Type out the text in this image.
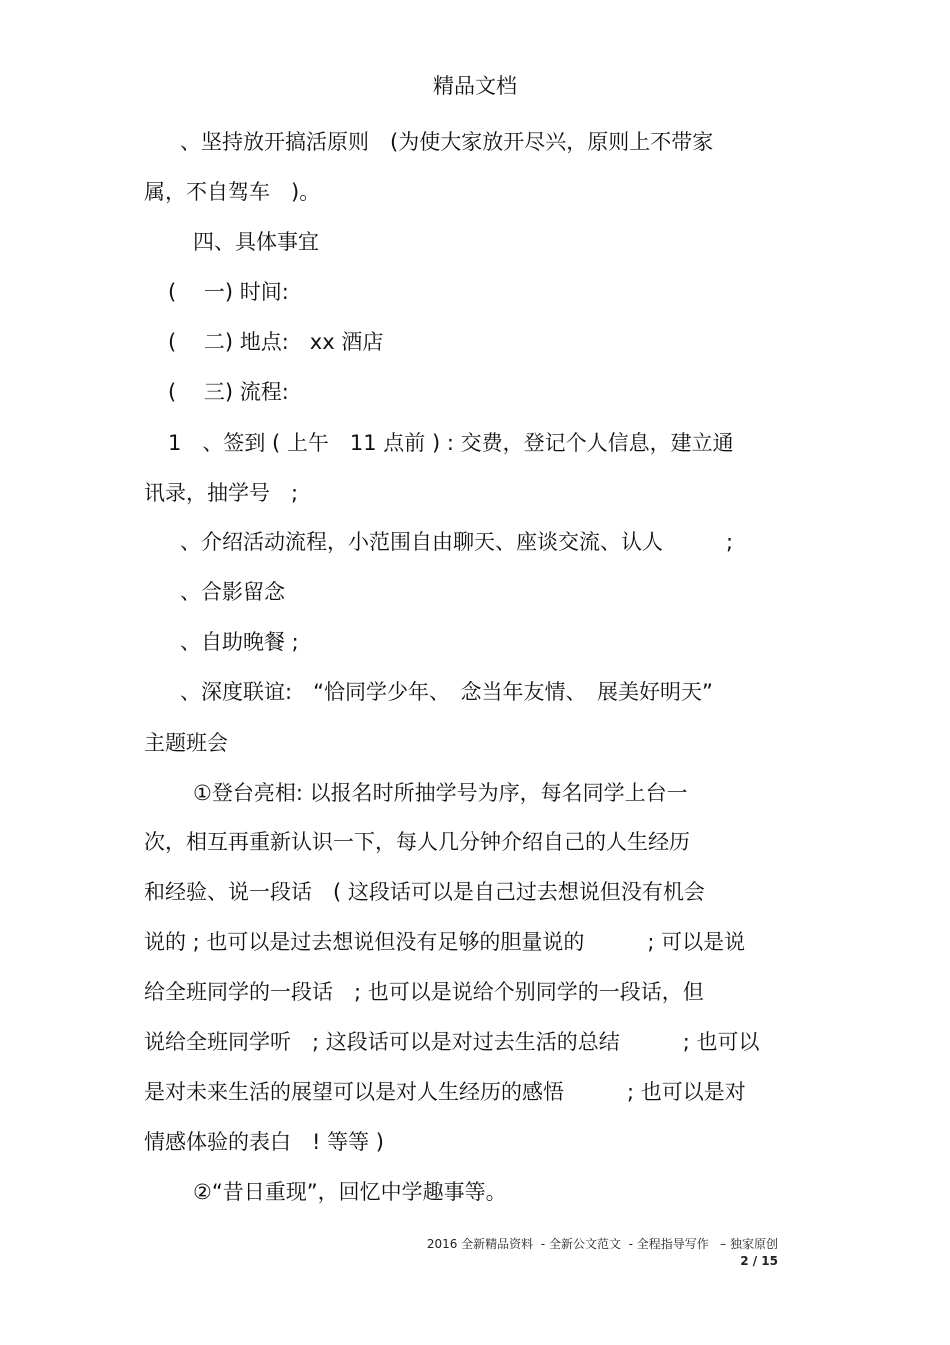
精品文档
、坚持放开搞活原则　(为使大家放开尽兴，原则上不带家
属，不自驾车　)。
四、具体事宜
(　 一) 时间:
(　 二) 地点:　xx 酒店
(　 三) 流程:
1　、签到 ( 上午　11 点前 ) : 交费，登记个人信息，建立通
讯录，抽学号　;
、介绍活动流程，小范围自由聊天、座谈交流、认人　　　;
、合影留念
、自助晚餐 ;
、深度联谊:　“恰同学少年、　念当年友情、　展美好明天”
主题班会
①登台亮相: 以报名时所抽学号为序，每名同学上台一
次，相互再重新认识一下，每人几分钟介绍自己的人生经历
和经验、说一段话　( 这段话可以是自己过去想说但没有机会
说的 ; 也可以是过去想说但没有足够的胆量说的　　　; 可以是说
给全班同学的一段话　; 也可以是说给个别同学的一段话，但
说给全班同学听　; 这段话可以是对过去生活的总结　　　; 也可以
是对未来生活的展望可以是对人生经历的感悟　　　; 也可以是对
情感体验的表白　! 等等 )
②“昔日重现”，回忆中学趣事等。
2016 全新精品资料  - 全新公文范文  - 全程指导写作   – 独家原创
2 / 15
